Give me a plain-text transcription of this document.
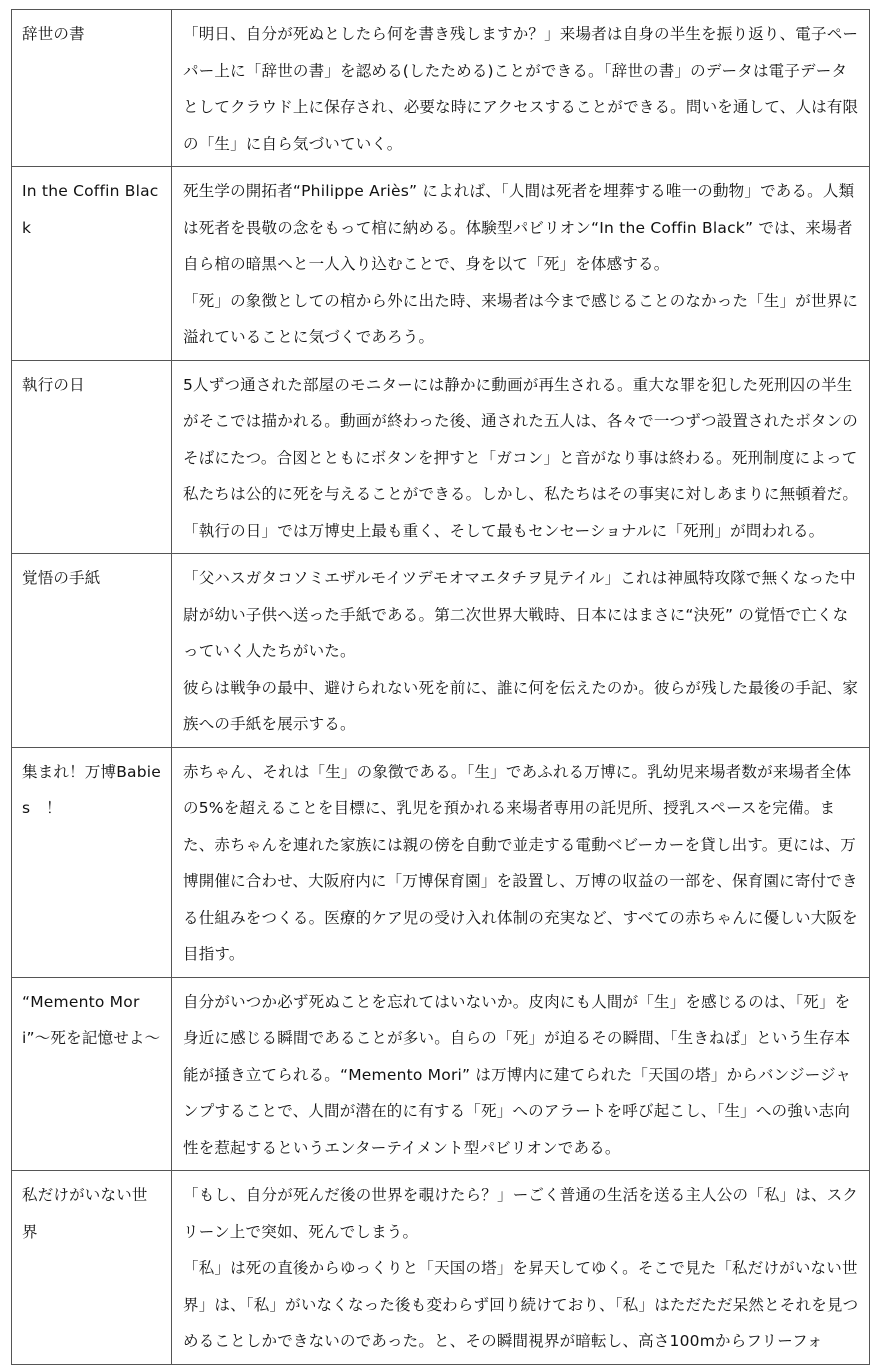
辞世の書	「明日、自分が死ぬとしたら何を書き残しますか？」来場者は自身の半生を振り返り、電子ペーパー上に「辞世の書」を認める(したためる)ことができる。「辞世の書」のデータは電子データとしてクラウド上に保存され、必要な時にアクセスすることができる。問いを通して、人は有限の「生」に自ら気づいていく。

In the Coffin Black	死生学の開拓者“Philippe Ariès” によれば、「人間は死者を埋葬する唯一の動物」である。人類は死者を畏敬の念をもって棺に納める。体験型パビリオン“In the Coffin Black” では、来場者自ら棺の暗黒へと一人入り込むことで、身を以て「死」を体感する。
「死」の象徴としての棺から外に出た時、来場者は今まで感じることのなかった「生」が世界に溢れていることに気づくであろう。

執行の日	5人ずつ通された部屋のモニターには静かに動画が再生される。重大な罪を犯した死刑囚の半生がそこでは描かれる。動画が終わった後、通された五人は、各々で一つずつ設置されたボタンのそばにたつ。合図とともにボタンを押すと「ガコン」と音がなり事は終わる。死刑制度によって私たちは公的に死を与えることができる。しかし、私たちはその事実に対しあまりに無頓着だ。「執行の日」では万博史上最も重く、そして最もセンセーショナルに「死刑」が問われる。

覚悟の手紙	「父ハスガタコソミエザルモイツデモオマエタチヲ見テイル」これは神風特攻隊で無くなった中尉が幼い子供へ送った手紙である。第二次世界大戦時、日本にはまさに“決死” の覚悟で亡くなっていく人たちがいた。
彼らは戦争の最中、避けられない死を前に、誰に何を伝えたのか。彼らが残した最後の手記、家族への手紙を展示する。

集まれ！万博Babies　！	赤ちゃん、それは「生」の象徴である。「生」であふれる万博に。乳幼児来場者数が来場者全体の5%を超えることを目標に、乳児を預かれる来場者専用の託児所、授乳スペースを完備。また、赤ちゃんを連れた家族には親の傍を自動で並走する電動ベビーカーを貸し出す。更には、万博開催に合わせ、大阪府内に「万博保育園」を設置し、万博の収益の一部を、保育園に寄付できる仕組みをつくる。医療的ケア児の受け入れ体制の充実など、すべての赤ちゃんに優しい大阪を目指す。

“Memento Mori”～死を記憶せよ～	自分がいつか必ず死ぬことを忘れてはいないか。皮肉にも人間が「生」を感じるのは、「死」を身近に感じる瞬間であることが多い。自らの「死」が迫るその瞬間、「生きねば」という生存本能が掻き立てられる。“Memento Mori” は万博内に建てられた「天国の塔」からバンジージャンプすることで、人間が潜在的に有する「死」へのアラートを呼び起こし、「生」への強い志向性を惹起するというエンターテイメント型パビリオンである。

私だけがいない世界	「もし、自分が死んだ後の世界を覗けたら？」ーごく普通の生活を送る主人公の「私」は、スクリーン上で突如、死んでしまう。
「私」は死の直後からゆっくりと「天国の塔」を昇天してゆく。そこで見た「私だけがいない世界」は、「私」がいなくなった後も変わらず回り続けており、「私」はただただ呆然とそれを見つめることしかできないのであった。と、その瞬間視界が暗転し、高さ100mからフリーフォ
